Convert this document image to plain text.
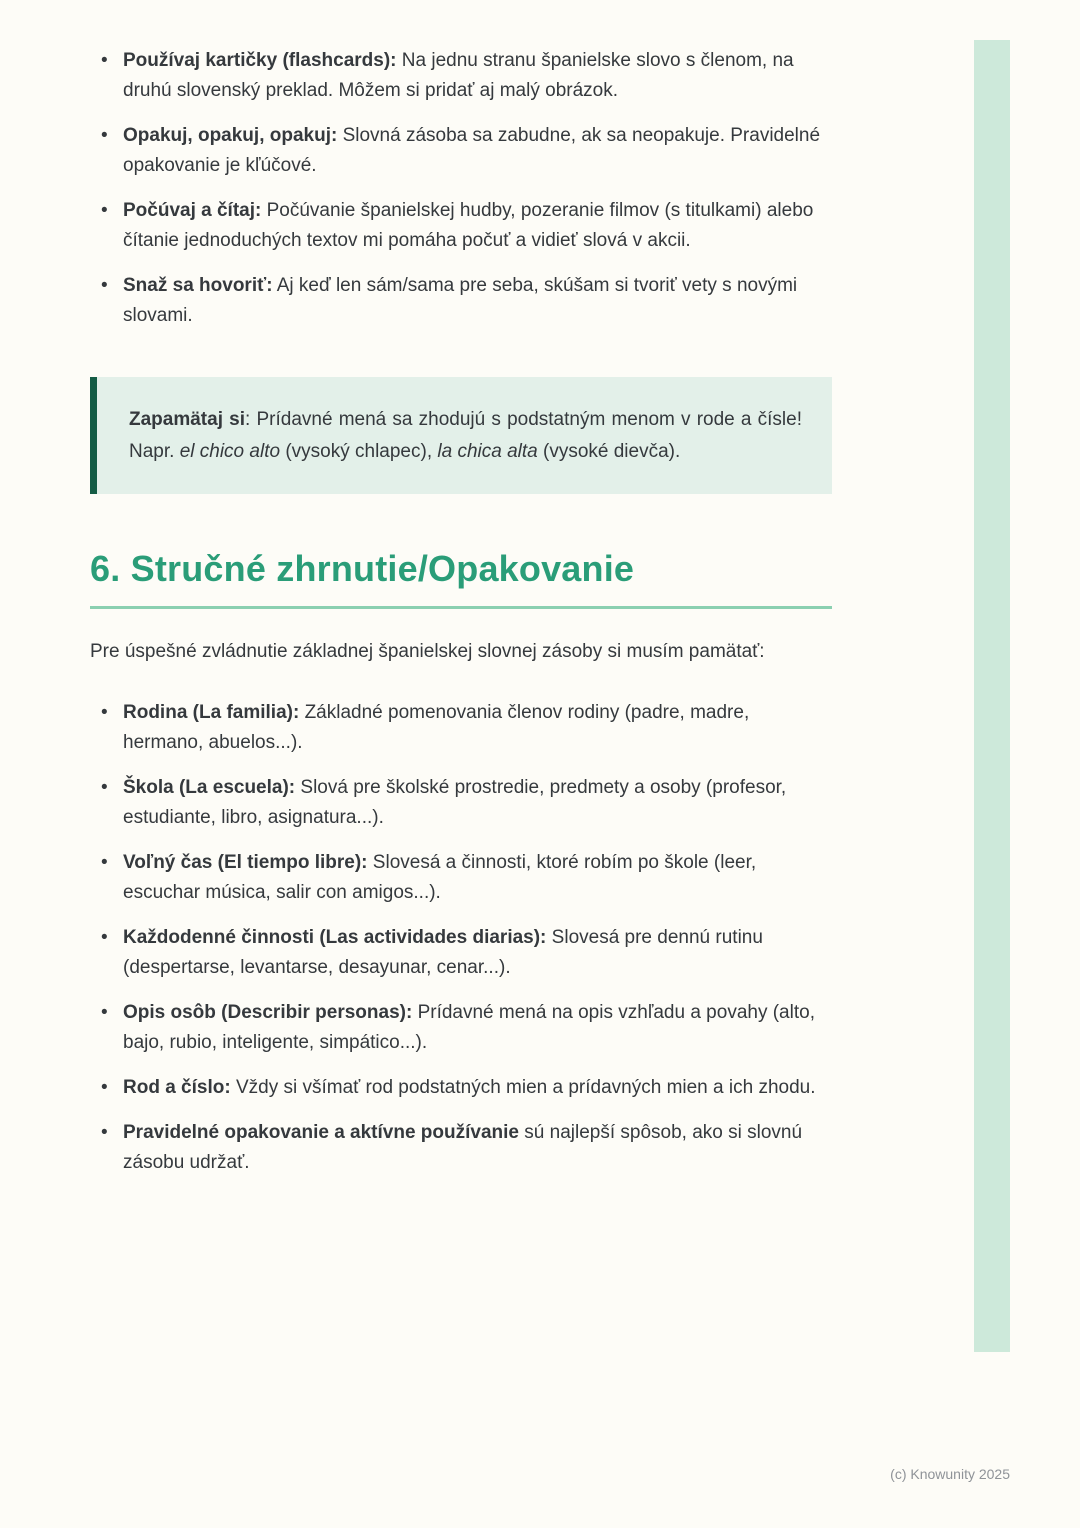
• Používaj kartičky (flashcards): Na jednu stranu španielske slovo s členom, na druhú slovenský preklad. Môžem si pridať aj malý obrázok.
• Opakuj, opakuj, opakuj: Slovná zásoba sa zabudne, ak sa neopakuje. Pravidelné opakovanie je kľúčové.
• Počúvaj a čítaj: Počúvanie španielskej hudby, pozeranie filmov (s titulkami) alebo čítanie jednoduchých textov mi pomáha počuť a vidieť slová v akcii.
• Snaž sa hovoriť: Aj keď len sám/sama pre seba, skúšam si tvoriť vety s novými slovami.
Zapamätaj si: Prídavné mená sa zhodujú s podstatným menom v rode a čísle! Napr. el chico alto (vysoký chlapec), la chica alta (vysoké dievča).
6. Stručné zhrnutie/Opakovanie

Pre úspešné zvládnutie základnej španielskej slovnej zásoby si musím pamätať:

• Rodina (La familia): Základné pomenovania členov rodiny (padre, madre, hermano, abuelos...).
• Škola (La escuela): Slová pre školské prostredie, predmety a osoby (profesor, estudiante, libro, asignatura...).
• Voľný čas (El tiempo libre): Slovesá a činnosti, ktoré robím po škole (leer, escuchar música, salir con amigos...).
• Každodenné činnosti (Las actividades diarias): Slovesá pre dennú rutinu (despertarse, levantarse, desayunar, cenar...).
• Opis osôb (Describir personas): Prídavné mená na opis vzhľadu a povahy (alto, bajo, rubio, inteligente, simpático...).
• Rod a číslo: Vždy si všímať rod podstatných mien a prídavných mien a ich zhodu.
• Pravidelné opakovanie a aktívne používanie sú najlepší spôsob, ako si slovnú zásobu udržať.
(c) Knowunity 2025
